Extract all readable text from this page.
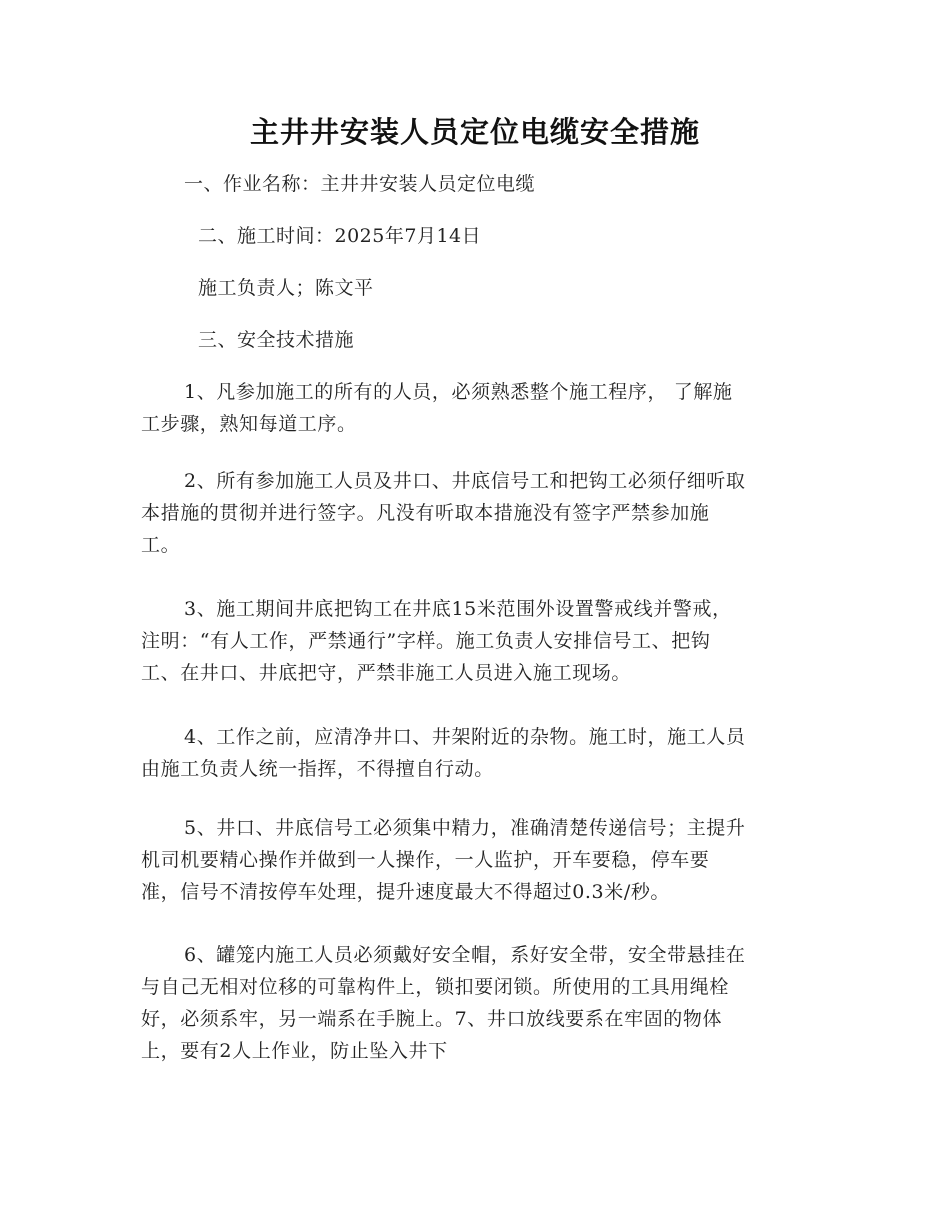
主井井安装人员定位电缆安全措施
一、作业名称：主井井安装人员定位电缆
二、施工时间：2025年7月14日
施工负责人；陈文平
三、安全技术措施
1、凡参加施工的所有的人员，必须熟悉整个施工程序， 了解施
工步骤，熟知每道工序。
2、所有参加施工人员及井口、井底信号工和把钩工必须仔细听取
本措施的贯彻并进行签字。凡没有听取本措施没有签字严禁参加施
工。
3、施工期间井底把钩工在井底15米范围外设置警戒线并警戒，
注明：“有人工作，严禁通行”字样。施工负责人安排信号工、把钩
工、在井口、井底把守，严禁非施工人员进入施工现场。
4、工作之前，应清净井口、井架附近的杂物。施工时，施工人员
由施工负责人统一指挥，不得擅自行动。
5、井口、井底信号工必须集中精力，准确清楚传递信号；主提升
机司机要精心操作并做到一人操作，一人监护，开车要稳，停车要
准，信号不清按停车处理，提升速度最大不得超过0.3米/秒。
6、罐笼内施工人员必须戴好安全帽，系好安全带，安全带悬挂在
与自己无相对位移的可靠构件上，锁扣要闭锁。所使用的工具用绳栓
好，必须系牢，另一端系在手腕上。7、井口放线要系在牢固的物体
上，要有2人上作业，防止坠入井下
